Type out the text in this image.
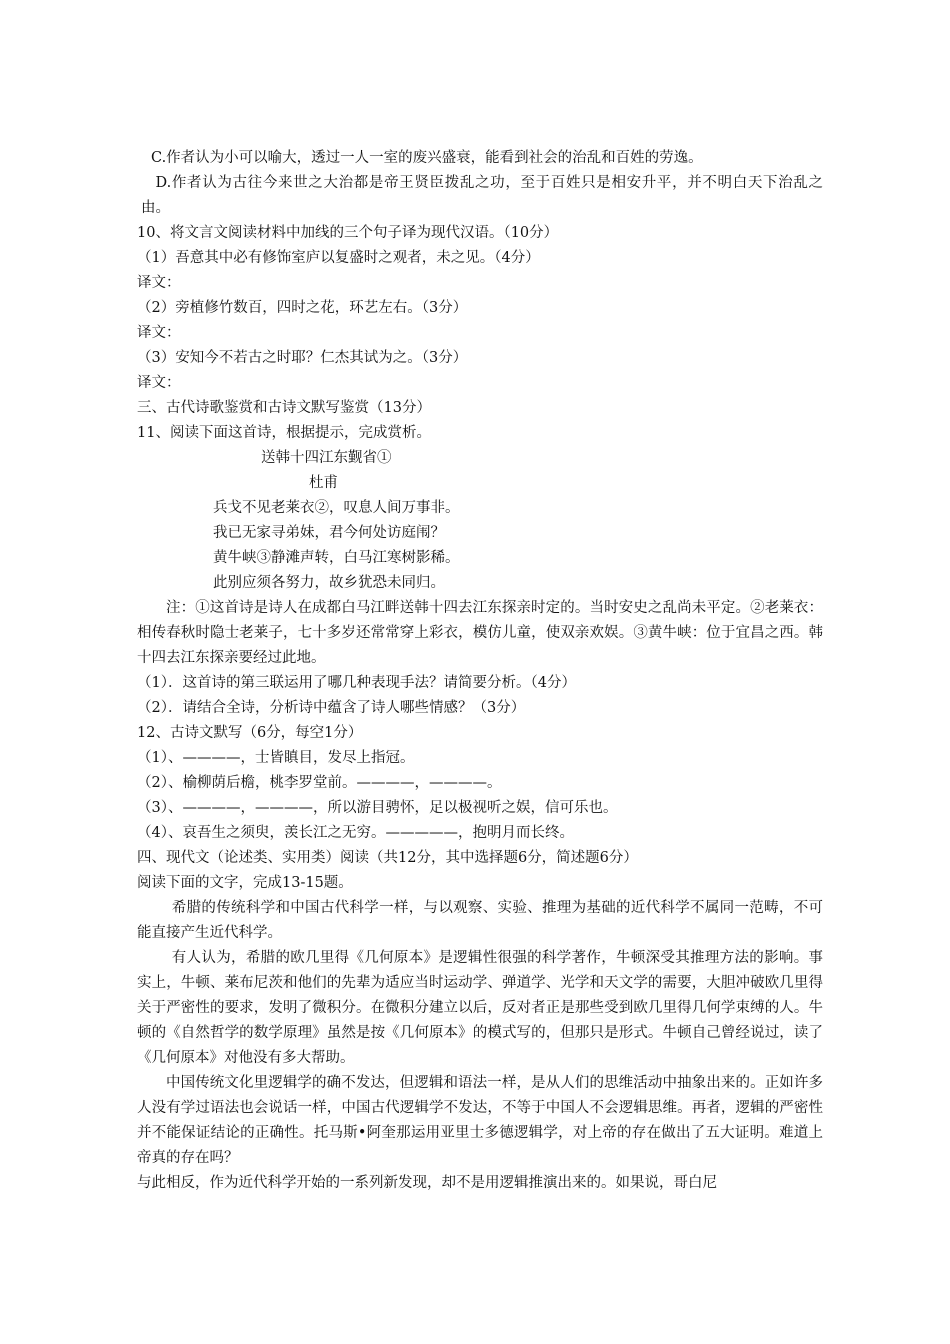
C.作者认为小可以喻大，透过一人一室的废兴盛衰，能看到社会的治乱和百姓的劳逸。
D.作者认为古往今来世之大治都是帝王贤臣拨乱之功，至于百姓只是相安升平，并不明白天下治乱之由。
10、将文言文阅读材料中加线的三个句子译为现代汉语。（10分）
（1）吾意其中必有修饰室庐以复盛时之观者，未之见。（4分）
译文：
（2）旁植修竹数百，四时之花，环艺左右。（3分）
译文：
（3）安知今不若古之时耶？仁杰其试为之。（3分）
译文：
三、古代诗歌鉴赏和古诗文默写鉴赏（13分）
11、阅读下面这首诗，根据提示，完成赏析。
送韩十四江东觐省①
杜甫
兵戈不见老莱衣②，叹息人间万事非。
我已无家寻弟妹，君今何处访庭闱？
黄牛峡③静滩声转，白马江寒树影稀。
此别应须各努力，故乡犹恐未同归。
注：①这首诗是诗人在成都白马江畔送韩十四去江东探亲时定的。当时安史之乱尚未平定。②老莱衣：相传春秋时隐士老莱子，七十多岁还常常穿上彩衣，模仿儿童，使双亲欢娱。③黄牛峡：位于宜昌之西。韩十四去江东探亲要经过此地。
（1）．这首诗的第三联运用了哪几种表现手法？请简要分析。（4分）
（2）．请结合全诗，分析诗中蕴含了诗人哪些情感？（3分）
12、古诗文默写（6分，每空1分）
（1）、————，士皆瞋目，发尽上指冠。
（2）、榆柳荫后檐，桃李罗堂前。————，————。
（3）、————，————，所以游目骋怀，足以极视听之娱，信可乐也。
（4）、哀吾生之须臾，羡长江之无穷。—————，抱明月而长终。
四、现代文（论述类、实用类）阅读（共12分，其中选择题6分，简述题6分）
阅读下面的文字，完成13-15题。
希腊的传统科学和中国古代科学一样，与以观察、实验、推理为基础的近代科学不属同一范畴，不可能直接产生近代科学。
有人认为，希腊的欧几里得《几何原本》是逻辑性很强的科学著作，牛顿深受其推理方法的影响。事实上，牛顿、莱布尼茨和他们的先辈为适应当时运动学、弹道学、光学和天文学的需要，大胆冲破欧几里得关于严密性的要求，发明了微积分。在微积分建立以后，反对者正是那些受到欧几里得几何学束缚的人。牛顿的《自然哲学的数学原理》虽然是按《几何原本》的模式写的，但那只是形式。牛顿自己曾经说过，读了《几何原本》对他没有多大帮助。
中国传统文化里逻辑学的确不发达，但逻辑和语法一样，是从人们的思维活动中抽象出来的。正如许多人没有学过语法也会说话一样，中国古代逻辑学不发达，不等于中国人不会逻辑思维。再者，逻辑的严密性并不能保证结论的正确性。托马斯•阿奎那运用亚里士多德逻辑学，对上帝的存在做出了五大证明。难道上帝真的存在吗？
与此相反，作为近代科学开始的一系列新发现，却不是用逻辑推演出来的。如果说，哥白尼
